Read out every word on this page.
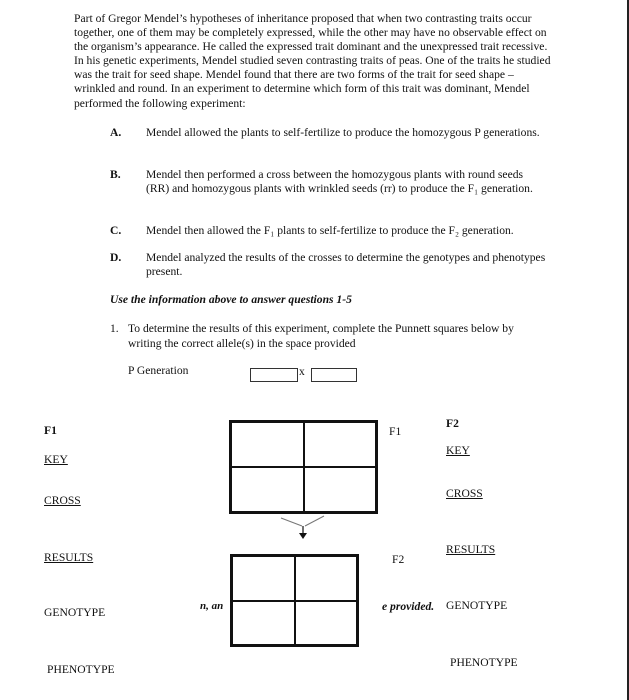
Part of Gregor Mendel’s hypotheses of inheritance proposed that when two contrasting traits occur together, one of them may be completely expressed, while the other may have no observable effect on the organism’s appearance. He called the expressed trait dominant and the unexpressed trait recessive. In his genetic experiments, Mendel studied seven contrasting traits of peas. One of the traits he studied was the trait for seed shape. Mendel found that there are two forms of the trait for seed shape – wrinkled and round. In an experiment to determine which form of this trait was dominant, Mendel performed the following experiment:
A. Mendel allowed the plants to self-fertilize to produce the homozygous P generations.
B. Mendel then performed a cross between the homozygous plants with round seeds (RR) and homozygous plants with wrinkled seeds (rr) to produce the F₁ generation.
C. Mendel then allowed the F₁ plants to self-fertilize to produce the F₂ generation.
D. Mendel analyzed the results of the crosses to determine the genotypes and phenotypes present.
Use the information above to answer questions 1-5
1. To determine the results of this experiment, complete the Punnett squares below by writing the correct allele(s) in the space provided
P Generation	x
F1
KEY
CROSS
RESULTS
GENOTYPE
PHENOTYPE
F1
F2
n, an	e provided.
F2
KEY
CROSS
RESULTS
GENOTYPE
PHENOTYPE
